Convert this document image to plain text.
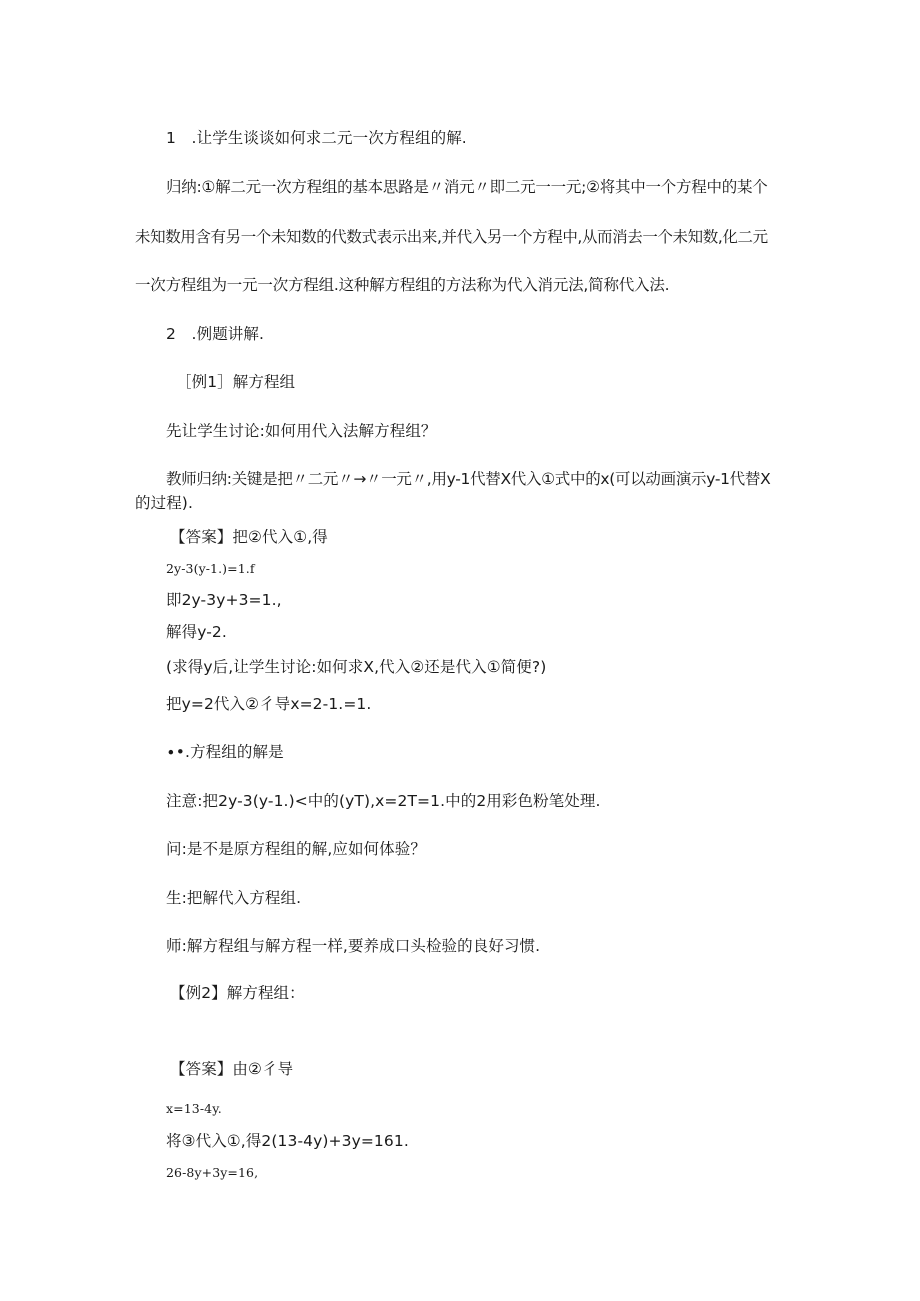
1　.让学生谈谈如何求二元一次方程组的解.
归纳:①解二元一次方程组的基本思路是〃消元〃即二元一一元;②将其中一个方程中的某个
未知数用含有另一个未知数的代数式表示出来,并代入另一个方程中,从而消去一个未知数,化二元
一次方程组为一元一次方程组.这种解方程组的方法称为代入消元法,简称代入法.
2　.例题讲解.
［例1］解方程组
先让学生讨论:如何用代入法解方程组？
教师归纳:关键是把〃二元〃→〃一元〃,用y-1代替X代入①式中的x(可以动画演示y-1代替X
的过程).
【答案】把②代入①,得
2y-3(y-1.)=1.f
即2y-3y+3=1.,
解得y-2.
(求得y后,让学生讨论:如何求X,代入②还是代入①简便?)
把y=2代入②彳导x=2-1.=1.
∙•.方程组的解是
注意:把2y-3(y-1.)<中的(yT),x=2T=1.中的2用彩色粉笔处理.
问:是不是原方程组的解,应如何体验？
生:把解代入方程组.
师:解方程组与解方程一样,要养成口头检验的良好习惯.
【例2】解方程组：
【答案】由②彳导
x=13-4y.
将③代入①,得2(13-4y)+3y=161.
26-8y+3y=16,
